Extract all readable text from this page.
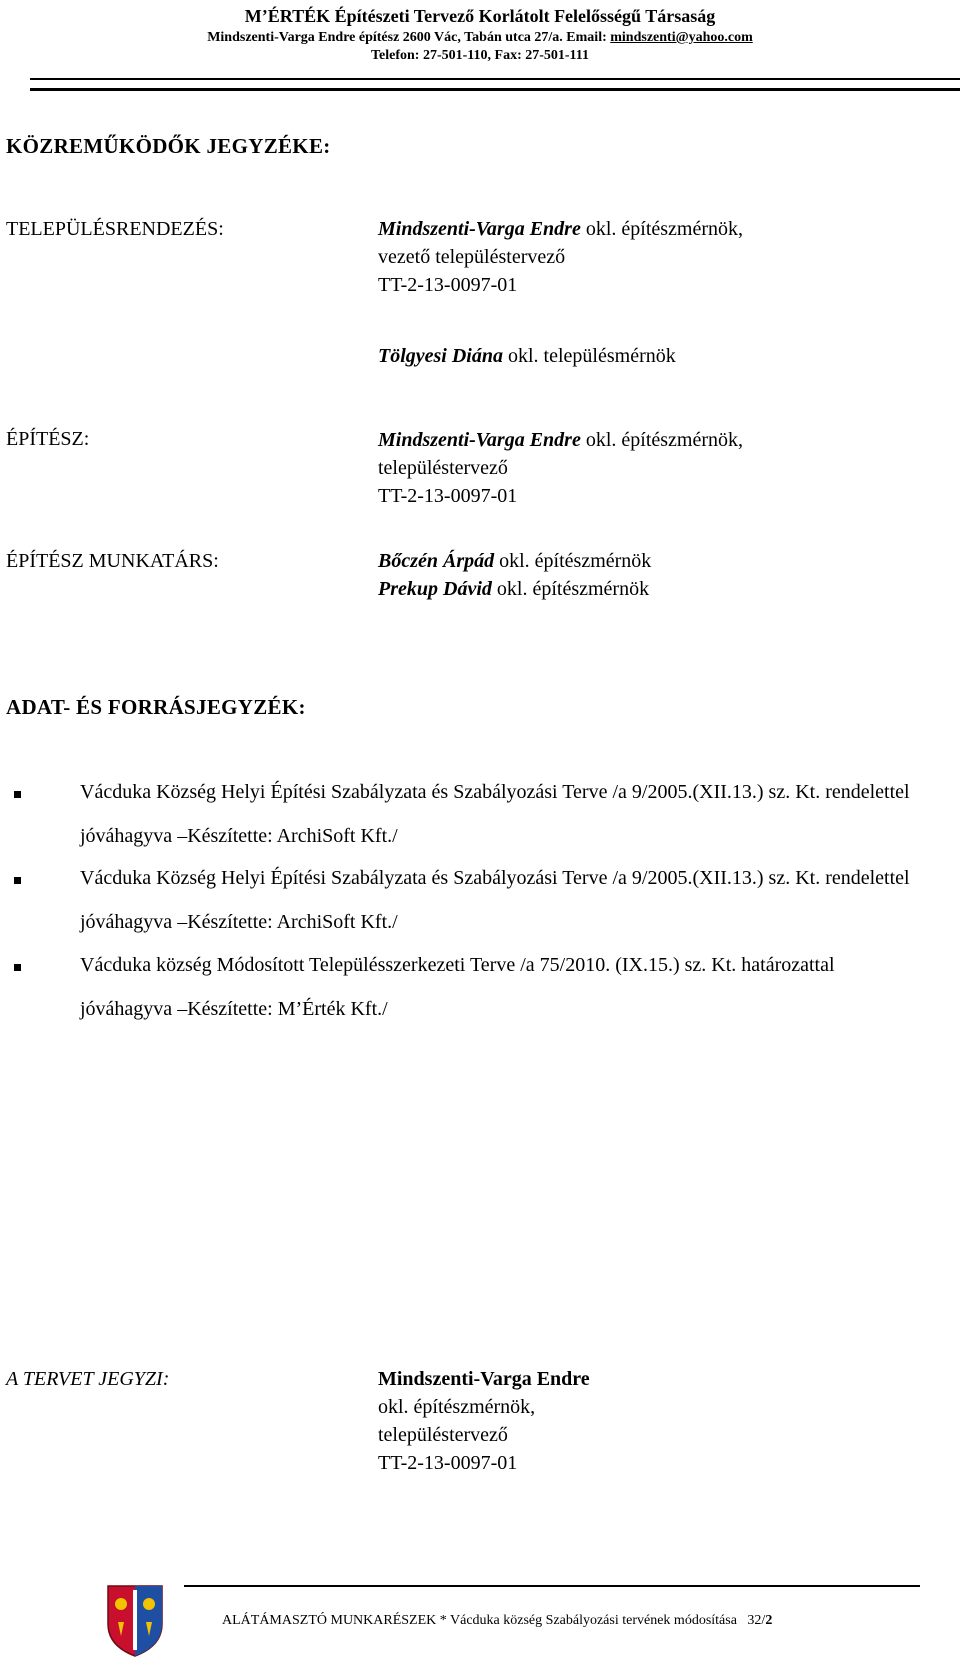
M’ÉRTÉK Építészeti Tervező Korlátolt Felelősségű Társaság
Mindszenti-Varga Endre építész 2600 Vác, Tabán utca 27/a. Email: mindszenti@yahoo.com
Telefon: 27-501-110, Fax: 27-501-111
KÖZREMŰKÖDŐK JEGYZÉKE:
TELEPÜLÉSRENDEZÉS:	Mindszenti-Varga Endre okl. építészmérnök,
vezető településtervező
TT-2-13-0097-01
Tölgyesi Diána okl. településmérnök
ÉPÍTÉSZ:	Mindszenti-Varga Endre okl. építészmérnök,
településtervező
TT-2-13-0097-01
ÉPÍTÉSZ MUNKATÁRS:	Bőczén Árpád okl. építészmérnök
Prekup Dávid okl. építészmérnök
ADAT- ÉS FORRÁSJEGYZÉK:
Vácduka Község Helyi Építési Szabályzata és Szabályozási Terve /a 9/2005.(XII.13.) sz. Kt. rendelettel jóváhagyva –Készítette: ArchiSoft Kft./
Vácduka Község Helyi Építési Szabályzata és Szabályozási Terve /a 9/2005.(XII.13.) sz. Kt. rendelettel jóváhagyva –Készítette: ArchiSoft Kft./
Vácduka község Módosított Településszerkezeti Terve /a 75/2010. (IX.15.) sz. Kt. határozattal jóváhagyva –Készítette: M’Érték Kft./
A TERVET JEGYZI:	Mindszenti-Varga Endre
okl. építészmérnök,
településtervező
TT-2-13-0097-01
ALÁTÁMASZTÓ MUNKARÉSZEK * Vácduka község Szabályozási tervének módosítása 32/2
